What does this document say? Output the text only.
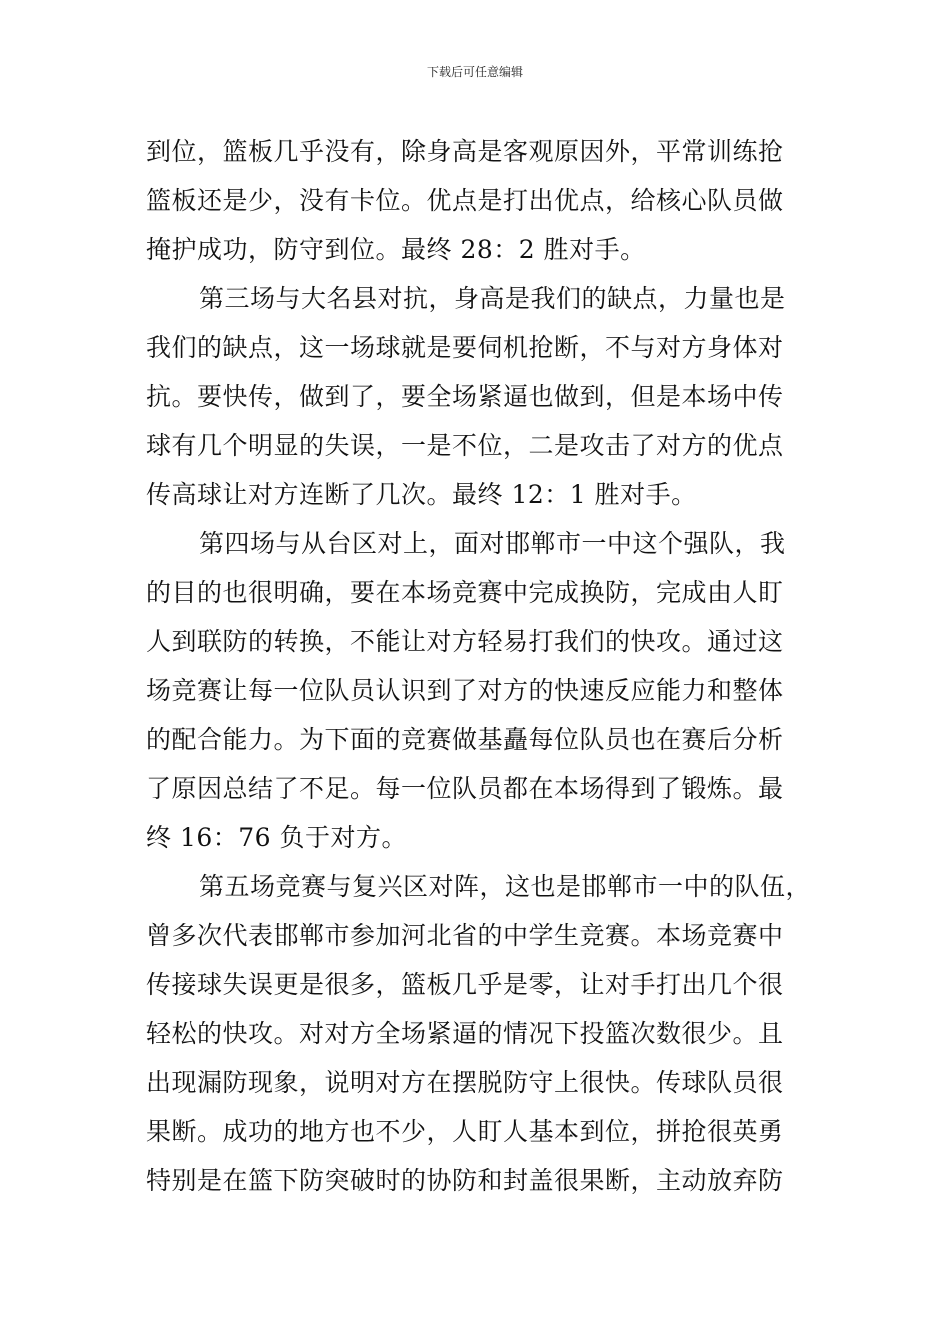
下载后可任意编辑
到位，篮板几乎没有，除身高是客观原因外，平常训练抢
篮板还是少，没有卡位。优点是打出优点，给核心队员做
掩护成功，防守到位。最终 28：2 胜对手。
第三场与大名县对抗，身高是我们的缺点，力量也是
我们的缺点，这一场球就是要伺机抢断，不与对方身体对
抗。要快传，做到了，要全场紧逼也做到，但是本场中传
球有几个明显的失误，一是不位，二是攻击了对方的优点
传高球让对方连断了几次。最终 12：1 胜对手。
第四场与从台区对上，面对邯郸市一中这个强队，我
的目的也很明确，要在本场竞赛中完成换防，完成由人盯
人到联防的转换，不能让对方轻易打我们的快攻。通过这
场竞赛让每一位队员认识到了对方的快速反应能力和整体
的配合能力。为下面的竞赛做基矗每位队员也在赛后分析
了原因总结了不足。每一位队员都在本场得到了锻炼。最
终 16：76 负于对方。
第五场竞赛与复兴区对阵，这也是邯郸市一中的队伍，
曾多次代表邯郸市参加河北省的中学生竞赛。本场竞赛中
传接球失误更是很多，篮板几乎是零，让对手打出几个很
轻松的快攻。对对方全场紧逼的情况下投篮次数很少。且
出现漏防现象，说明对方在摆脱防守上很快。传球队员很
果断。成功的地方也不少，人盯人基本到位，拼抢很英勇
特别是在篮下防突破时的协防和封盖很果断，主动放弃防
